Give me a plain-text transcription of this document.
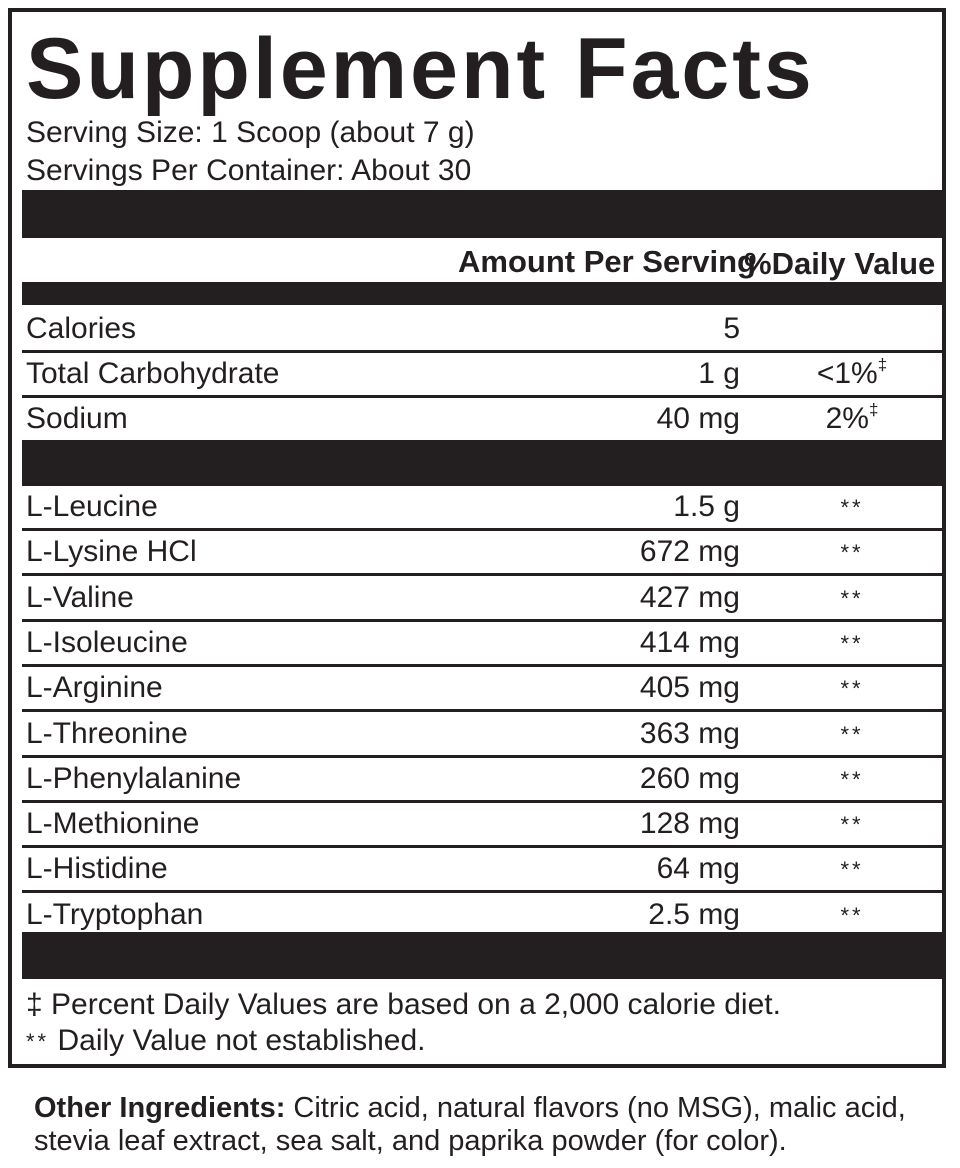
Supplement Facts
Serving Size: 1 Scoop (about 7 g)
Servings Per Container: About 30
Amount Per Serving
%Daily Value
Calories	5
Total Carbohydrate	1 g	<1%‡
Sodium	40 mg	2%‡
L-Leucine	1.5 g	**
L-Lysine HCl	672 mg	**
L-Valine	427 mg	**
L-Isoleucine	414 mg	**
L-Arginine	405 mg	**
L-Threonine	363 mg	**
L-Phenylalanine	260 mg	**
L-Methionine	128 mg	**
L-Histidine	64 mg	**
L-Tryptophan	2.5 mg	**
‡ Percent Daily Values are based on a 2,000 calorie diet.
** Daily Value not established.
Other Ingredients: Citric acid, natural flavors (no MSG), malic acid, stevia leaf extract, sea salt, and paprika powder (for color).
